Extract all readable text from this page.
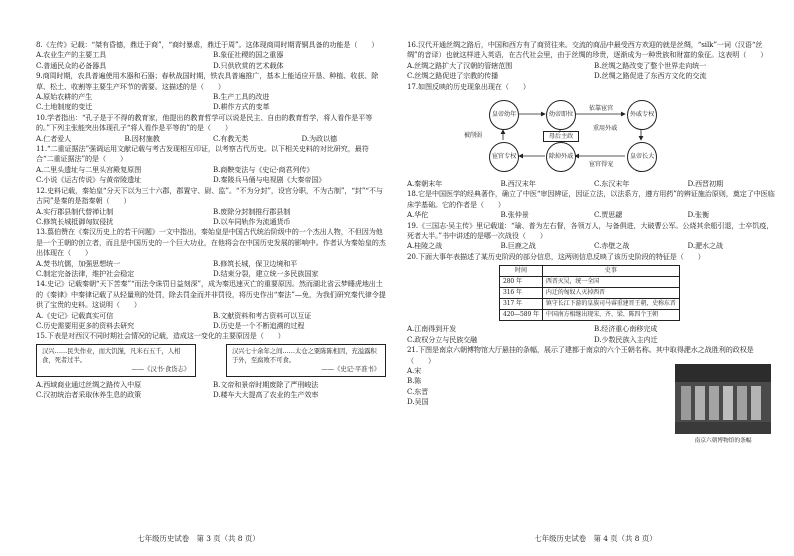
8.《左传》记载：“桀有昏德，鼎迁于商”，“商纣暴虐，鼎迁于周”。这体现商周时期青铜具备的功能是（　　）

A.农业生产的主要工具	B.象征社稷的国之重器
C.普通民众的必备器具	D.只供欣赏的艺术载体

9.商周时期，农具普遍使用木器和石器；春秋战国时期，铁农具普遍推广，基本上能适应开垦、种植、收获、除草、松土、收割等主要生产环节的需要。这描述的是（　　）

A.原始农耕的产生	B.生产工具的改进
C.土地制度的变迁	D.耕作方式的变革

10.学者指出：“孔子是于不得的教育家，他提出的教育哲学可以说是民主、自由的教育哲学，将人看作是平等的。”下列主张能突出体现孔子“将人看作是平等的”的是（　　）

A.仁者爱人	B.因材施教	C.有教无类	D.为政以德

11.“二重证据法”强调运用文献记载与考古发现相互印证，以考察古代历史。以下相关史料的对比研究，最符合“二重证据法”的是（　　）

A.二里头遗址与二里头宫殿复原图	B.商鞅变法与《史记·商君列传》
C.小说《运古传说》与黄帝陵遗址	D.秦陵兵马俑与电视剧《大秦帝国》

12.史料记载，秦始皇“分天下以为三十六郡，郡置守、尉、监”。“不为分封”，设官分职，不为古制”，“封”“不与古同”是秦的是指秦朝（　　）

A.实行郡县制代替禅让制	B.废除分封制推行郡县制
C.修筑长城抵御匈奴侵扰	D.以车同轨作为流通货币

13.翦伯赞在《秦汉历史上的若干问题》一文中指出，秦始皇是中国古代统治阶级中的一个杰出人物，不但因为他是一个王朝的创立者，而且是中国历史的一个巨大功业，在他将会在中国历史发展的影响中。作者认为秦始皇的杰出体现在（　　）

A.焚书坑儒，加强思想统一	B.修筑长城，保卫边境和平
C.制定完备法律，维护社会稳定	D.结束分裂，建立统一多民族国家

14.史记》记载秦朝“天下苦秦”“而法令诛罚日益刻深”，成为秦迅速灭亡的重要原因。然而湖北省云梦睡虎地出土的《秦律》中秦律记载了从轻量刑的处罚，除去罚金而并非罚役，将历史作出“秦法”—免，为我们研究秦代律令提供了宝贵的史料。这说明（　　）

A.《史记》记载真实可信	B.文献资料和考古资料可以互证
C.历史需要用更多的资料去研究	D.历史是一个不断追溯的过程

15.下表是对西汉不同时期社会情况的记载，造成这一变化的主要原因是（　　）

汉兴……民失作业，而大饥馑，凡米石五千，人相食，死者过半。
——《汉书·食货志》
汉兴七十余年之间……太仓之粟陈陈相因，充溢露积于外，至腐败不可食。
——《史记·平准书》
A.西域商业通过丝绸之路传入中原	B.文帝和景帝时期废除了严刑峻法
C.汉初统治者采取休养生息的政策	D.耧车大大提高了农业的生产效率
七年级历史试卷　第 3 页（共 8 页）

16.汉代开通丝绸之路后，中国和西方有了商贸往来。交流的商品中最受西方欢迎的就是丝绸，“silk”一词（汉语“丝绸”的音译）也就这样进入英语，在古代社会里，由于丝绸的珍贵，逐渐成为一种贵族和财富的象征。这表明（　　）

A.丝绸之路扩大了汉朝的管辖范围	B.丝绸之路改变了整个世界走向统一
C.丝绸之路促进了宗教的传播	D.丝绸之路促进了东西方文化的交流

17.如图反映的历史现象出现在（　　）

皇帝幼年	幼帝即位	外戚专权
皇帝长大
除掉外戚
宦官专权
母后主政
依靠宦官
重用外戚
宦官得宠
被削弱
A.秦朝末年	B.西汉末年	C.东汉末年	D.西晋初期

18.它是中国医学的经典著作，确立了中医“审因辨证，因证立法，以法系方，遵方用药”的辨证施治原则，奠定了中医临床学基础。它的作者是（　　）

A.华佗	B.张仲景	C.贾思勰	D.张衡

19.《三国志·吴主传》里记载道：“瑜、普为左右督，各领万人，与备俱进，大破曹公军。公烧其余船引退，士卒饥疫，死者大半。”书中讲述的是哪一次战役（　　）

A.桂陵之战	B.巨鹿之战	C.赤壁之战	D.淝水之战

20.下面大事年表描述了某历史阶段的部分信息，这两则信息反映了该历史阶段的特征是（　　）

时间	史事
280 年	西晋灭吴，统一全国
316 年	内迁的匈奴人灭掉西晋
317 年	镇守长江下游的皇族司马睿重建晋王朝，史称东晋
420—589 年	中国南方相继出现宋、齐、梁、陈四个王朝
A.江南得到开发	B.经济重心南移完成
C.政权分立与民族交融	D.少数民族入主内迁

21.下图是南京六朝博物馆大厅悬挂的条幅，展示了建都于南京的六个王朝名称。其中取得淝水之战胜利的政权是（　　）

A.宋
B.陈
C.东晋
D.吴国
南京六朝博物馆的条幅
七年级历史试卷　第 4 页（共 8 页）
